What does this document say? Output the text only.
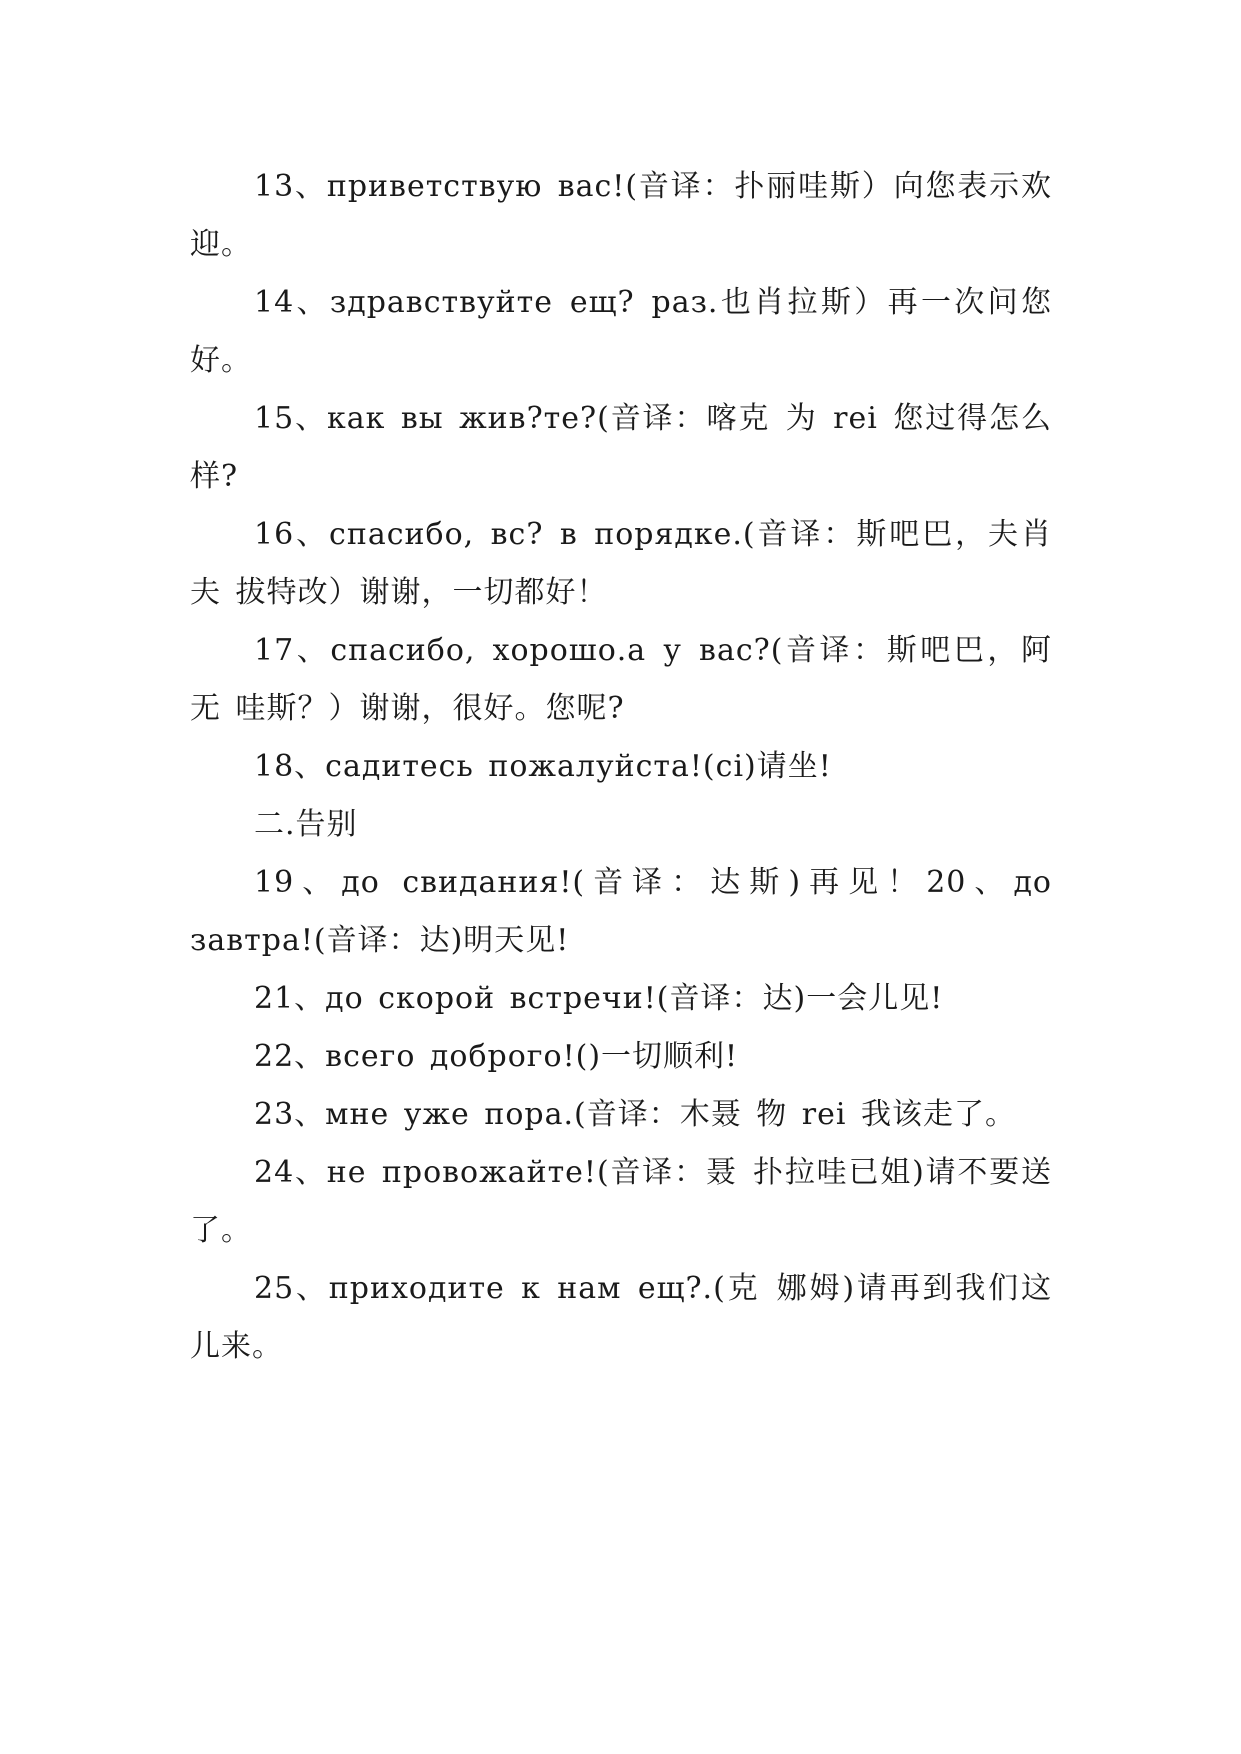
13、приветствую вас!(音译：扑丽哇斯）向您表示欢迎。

14、здравствуйте ещ? раз.也肖拉斯）再一次问您好。

15、как вы жив?те?(音译：喀克 为 rei 您过得怎么样?

16、спасибо, вс? в порядке.(音译：斯吧巴，夫肖 夫 拔特改）谢谢，一切都好！

17、спасибо, хорошо.а у вас?(音译：斯吧巴，阿 无 哇斯？）谢谢，很好。您呢?

18、садитесь пожалуйста!(ci)请坐!

二.告别

19、до свидания!(音译：达斯)再见！20、до завтра!(音译：达)明天见!

21、до скорой встречи!(音译：达)一会儿见!

22、всего доброго!()一切顺利!

23、мне уже пора.(音译：木聂 物 rei 我该走了。

24、не провожайте!(音译：聂 扑拉哇已姐)请不要送了。

25、приходите к нам ещ?.(克 娜姆)请再到我们这儿来。
